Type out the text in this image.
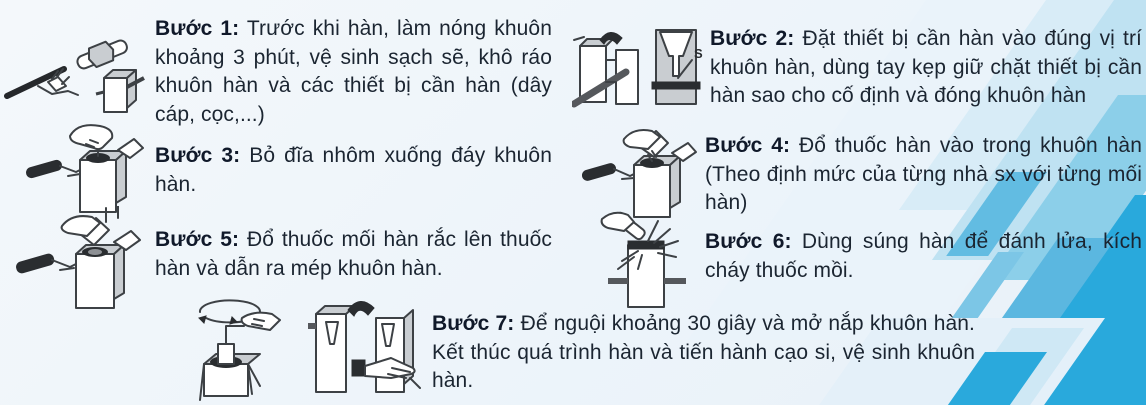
S

Bước 1: Trước khi hàn, làm nóng khuôn khoảng 3 phút, vệ sinh sạch sẽ, khô ráo khuôn hàn và các thiết bị cần hàn (dây cáp, cọc,...)

Bước 2: Đặt thiết bị cần hàn vào đúng vị trí khuôn hàn, dùng tay kẹp giữ chặt thiết bị cần hàn sao cho cố định và đóng khuôn hàn

Bước 3: Bỏ đĩa nhôm xuống đáy khuôn hàn.

Bước 4: Đổ thuốc hàn vào trong khuôn hàn (Theo định mức của từng nhà sx với từng mối hàn)

Bước 5: Đổ thuốc mối hàn rắc lên thuốc hàn và dẫn ra mép khuôn hàn.

Bước 6: Dùng súng hàn để đánh lửa, kích cháy thuốc mồi.

Bước 7: Để nguội khoảng 30 giây và mở nắp khuôn hàn. Kết thúc quá trình hàn và tiến hành cạo si, vệ sinh khuôn hàn.
